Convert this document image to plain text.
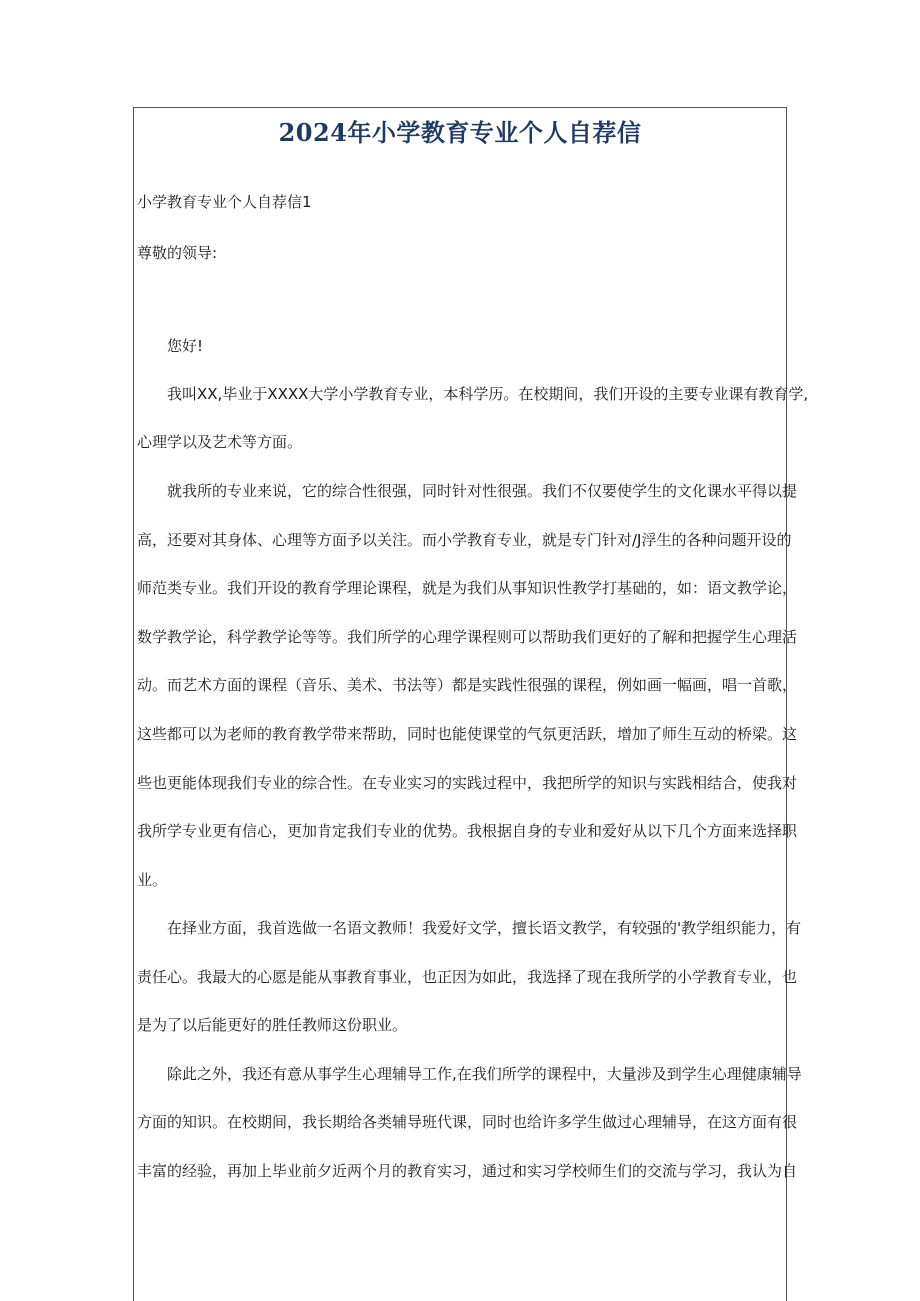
2024年小学教育专业个人自荐信
小学教育专业个人自荐信1
尊敬的领导:
您好!
我叫XX,毕业于XXXX大学小学教育专业，本科学历。在校期间，我们开设的主要专业课有教育学,
心理学以及艺术等方面。
就我所的专业来说，它的综合性很强，同时针对性很强。我们不仅要使学生的文化课水平得以提
高，还要对其身体、心理等方面予以关注。而小学教育专业，就是专门针对/J浮生的各种问题开设的
师范类专业。我们开设的教育学理论课程，就是为我们从事知识性教学打基础的，如：语文教学论，
数学教学论，科学教学论等等。我们所学的心理学课程则可以帮助我们更好的了解和把握学生心理活
动。而艺术方面的课程（音乐、美术、书法等）都是实践性很强的课程，例如画一幅画，唱一首歌，
这些都可以为老师的教育教学带来帮助，同时也能使课堂的气氛更活跃，增加了师生互动的桥梁。这
些也更能体现我们专业的综合性。在专业实习的实践过程中，我把所学的知识与实践相结合，使我对
我所学专业更有信心，更加肯定我们专业的优势。我根据自身的专业和爱好从以下几个方面来选择职
业。
在择业方面，我首选做一名语文教师！我爱好文学，擅长语文教学，有较强的'教学组织能力，有
责任心。我最大的心愿是能从事教育事业，也正因为如此，我选择了现在我所学的小学教育专业，也
是为了以后能更好的胜任教师这份职业。
除此之外，我还有意从事学生心理辅导工作,在我们所学的课程中，大量涉及到学生心理健康辅导
方面的知识。在校期间，我长期给各类辅导班代课，同时也给许多学生做过心理辅导，在这方面有很
丰富的经验，再加上毕业前夕近两个月的教育实习，通过和实习学校师生们的交流与学习，我认为自
